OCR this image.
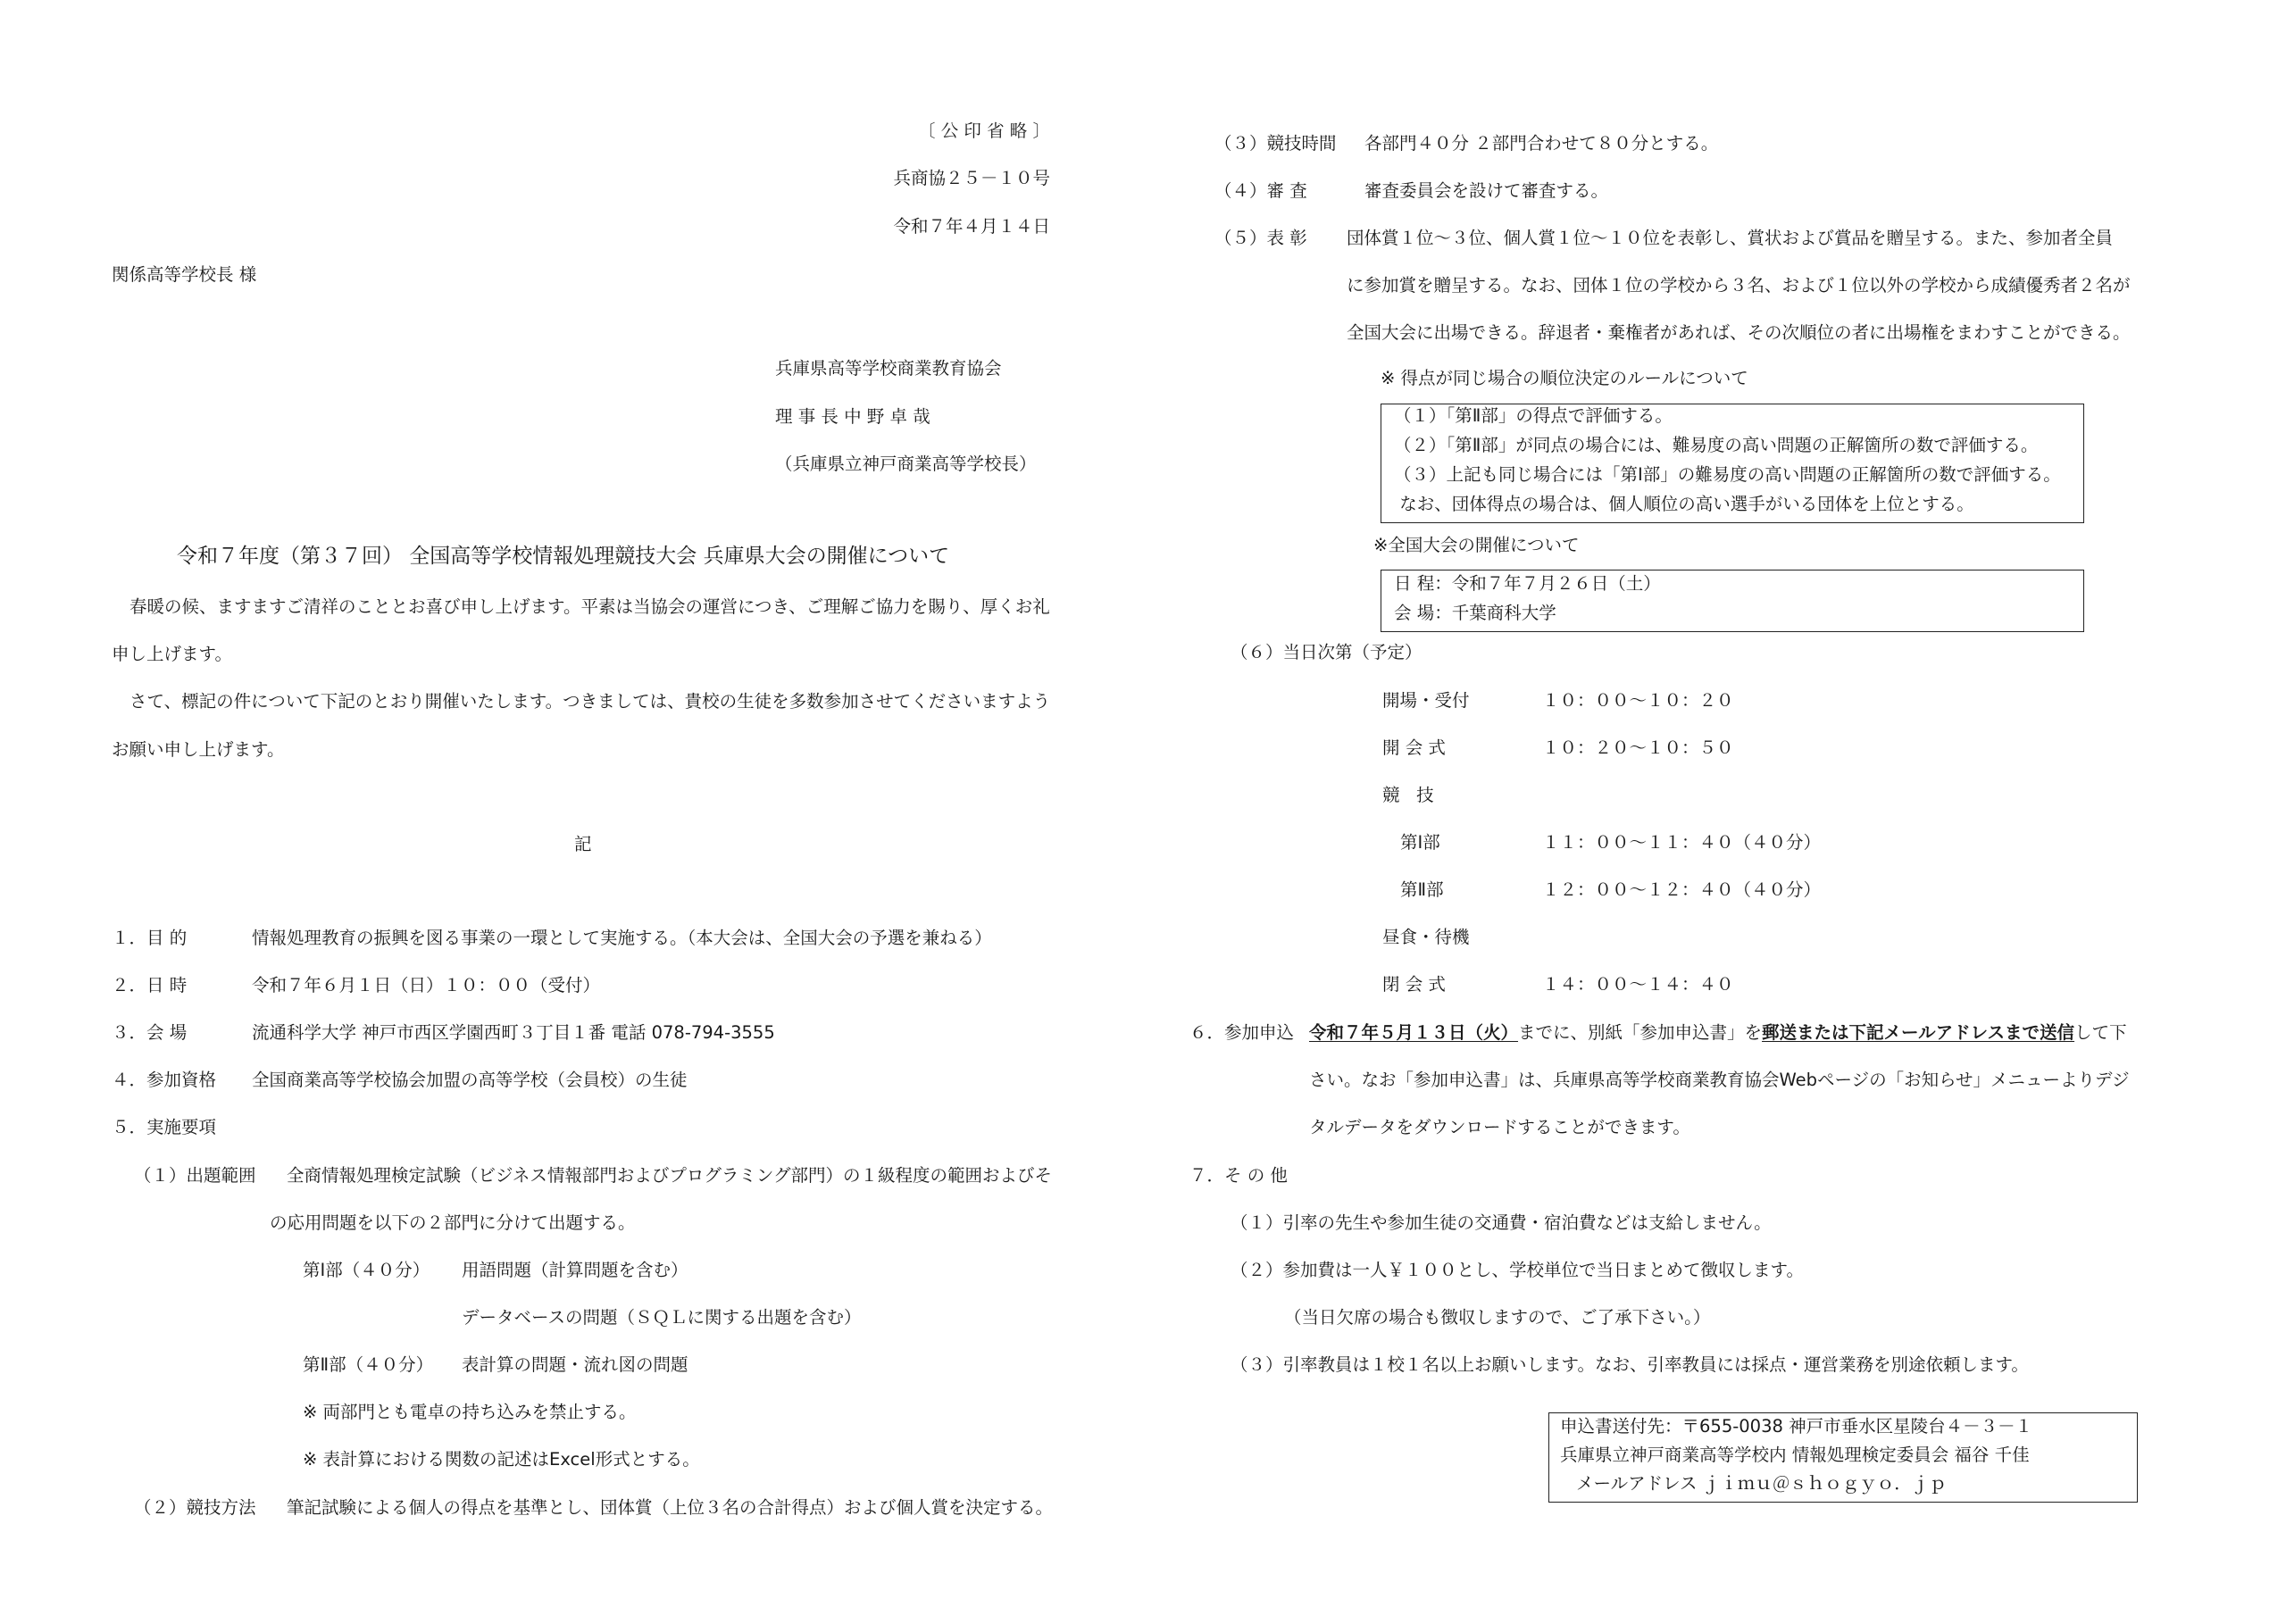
〔 公 印 省 略 〕
兵商協２５－１０号
令和７年４月１４日
関係高等学校長 様
兵庫県高等学校商業教育協会
理 事 長 中 野 卓 哉
（兵庫県立神戸商業高等学校長）
令和７年度（第３７回） 全国高等学校情報処理競技大会 兵庫県大会の開催について
春暖の候、ますますご清祥のこととお喜び申し上げます。平素は当協会の運営につき、ご理解ご協力を賜り、厚くお礼
申し上げます。
さて、標記の件について下記のとおり開催いたします。つきましては、貴校の生徒を多数参加させてくださいますよう
お願い申し上げます。
記
１．目 的	情報処理教育の振興を図る事業の一環として実施する。（本大会は、全国大会の予選を兼ねる）
２．日 時	令和７年６月１日（日）１０：００（受付）
３．会 場	流通科学大学 神戸市西区学園西町３丁目１番 電話 078-794-3555
４．参加資格 全国商業高等学校協会加盟の高等学校（会員校）の生徒
５．実施要項
（１）出題範囲 全商情報処理検定試験（ビジネス情報部門およびプログラミング部門）の１級程度の範囲およびそ
の応用問題を以下の２部門に分けて出題する。
第Ⅰ部（４０分） 用語問題（計算問題を含む）
データベースの問題（ＳＱＬに関する出題を含む）
第Ⅱ部（４０分） 表計算の問題・流れ図の問題
※ 両部門とも電卓の持ち込みを禁止する。
※ 表計算における関数の記述はExcel形式とする。
（２）競技方法 筆記試験による個人の得点を基準とし、団体賞（上位３名の合計得点）および個人賞を決定する。
（３）競技時間 各部門４０分 ２部門合わせて８０分とする。
（４）審 査	審査委員会を設けて審査する。
（５）表 彰 団体賞１位～３位、個人賞１位～１０位を表彰し、賞状および賞品を贈呈する。また、参加者全員
に参加賞を贈呈する。なお、団体１位の学校から３名、および１位以外の学校から成績優秀者２名が
全国大会に出場できる。辞退者・棄権者があれば、その次順位の者に出場権をまわすことができる。
※ 得点が同じ場合の順位決定のルールについて
（１）「第Ⅱ部」の得点で評価する。
（２）「第Ⅱ部」が同点の場合には、難易度の高い問題の正解箇所の数で評価する。
（３）上記も同じ場合には「第Ⅰ部」の難易度の高い問題の正解箇所の数で評価する。
なお、団体得点の場合は、個人順位の高い選手がいる団体を上位とする。
※全国大会の開催について
日 程：令和７年７月２６日（土）
会 場：千葉商科大学
（６）当日次第（予定）
開場・受付	１０：００～１０：２０
開 会 式	１０：２０～１０：５０
競   技
第Ⅰ部	１１：００～１１：４０（４０分）
第Ⅱ部	１２：００～１２：４０（４０分）
昼食・待機
閉 会 式	１４：００～１４：４０
６．参加申込 令和７年５月１３日（火）までに、別紙「参加申込書」を郵送または下記メールアドレスまで送信して下
さい。なお「参加申込書」は、兵庫県高等学校商業教育協会Webページの「お知らせ」メニューよりデジ
タルデータをダウンロードすることができます。
７．そ の 他
（１）引率の先生や参加生徒の交通費・宿泊費などは支給しません。
（２）参加費は一人￥１００とし、学校単位で当日まとめて徴収します。
（当日欠席の場合も徴収しますので、ご了承下さい。）
（３）引率教員は１校１名以上お願いします。なお、引率教員には採点・運営業務を別途依頼します。
申込書送付先：〒655-0038 神戸市垂水区星陵台４－３－１
兵庫県立神戸商業高等学校内 情報処理検定委員会 福谷 千佳
メールアドレス ｊｉｍｕ＠ｓｈｏｇｙｏ．ｊｐ
